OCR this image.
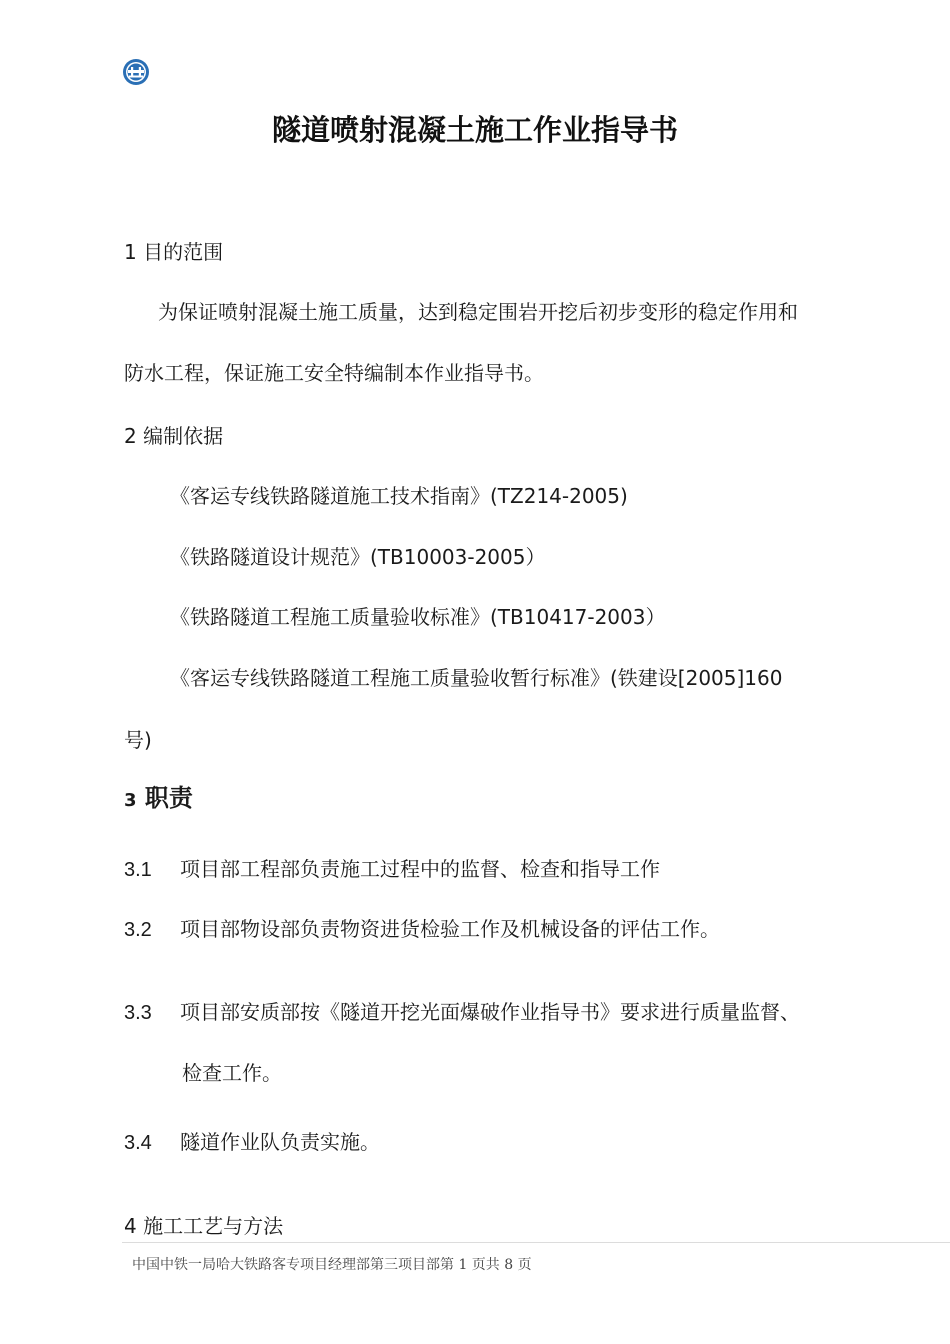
隧道喷射混凝土施工作业指导书
1 目的范围
为保证喷射混凝土施工质量，达到稳定围岩开挖后初步变形的稳定作用和
防水工程，保证施工安全特编制本作业指导书。
2 编制依据
《客运专线铁路隧道施工技术指南》(TZ214-2005)
《铁路隧道设计规范》(TB10003-2005）
《铁路隧道工程施工质量验收标准》(TB10417-2003）
《客运专线铁路隧道工程施工质量验收暂行标准》(铁建设[2005]160
号)
3 职责
3.1 项目部工程部负责施工过程中的监督、检查和指导工作
3.2 项目部物设部负责物资进货检验工作及机械设备的评估工作。
3.3 项目部安质部按《隧道开挖光面爆破作业指导书》要求进行质量监督、
检查工作。
3.4 隧道作业队负责实施。
4 施工工艺与方法
中国中铁一局哈大铁路客专项目经理部第三项目部第 1 页共 8 页
